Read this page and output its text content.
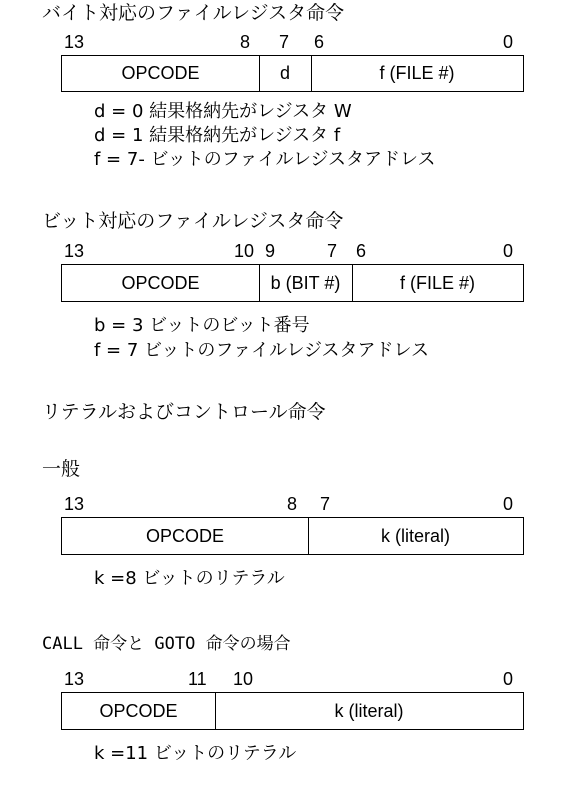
バイト対応のファイルレジスタ命令
13	8 7 6	0
OPCODE	d	f (FILE #)
d = 0 結果格納先がレジスタ W
d = 1 結果格納先がレジスタ f
f = 7- ビットのファイルレジスタアドレス
ビット対応のファイルレジスタ命令
13	10 9	7 6	0
OPCODE	b (BIT #)	f (FILE #)
b = 3 ビットのビット番号
f = 7 ビットのファイルレジスタアドレス
リテラルおよびコントロール命令
一般
13	8 7	0
OPCODE	k (literal)
k =8 ビットのリテラル
CALL 命令と GOTO 命令の場合
13	11 10	0
OPCODE	k (literal)
k =11 ビットのリテラル
